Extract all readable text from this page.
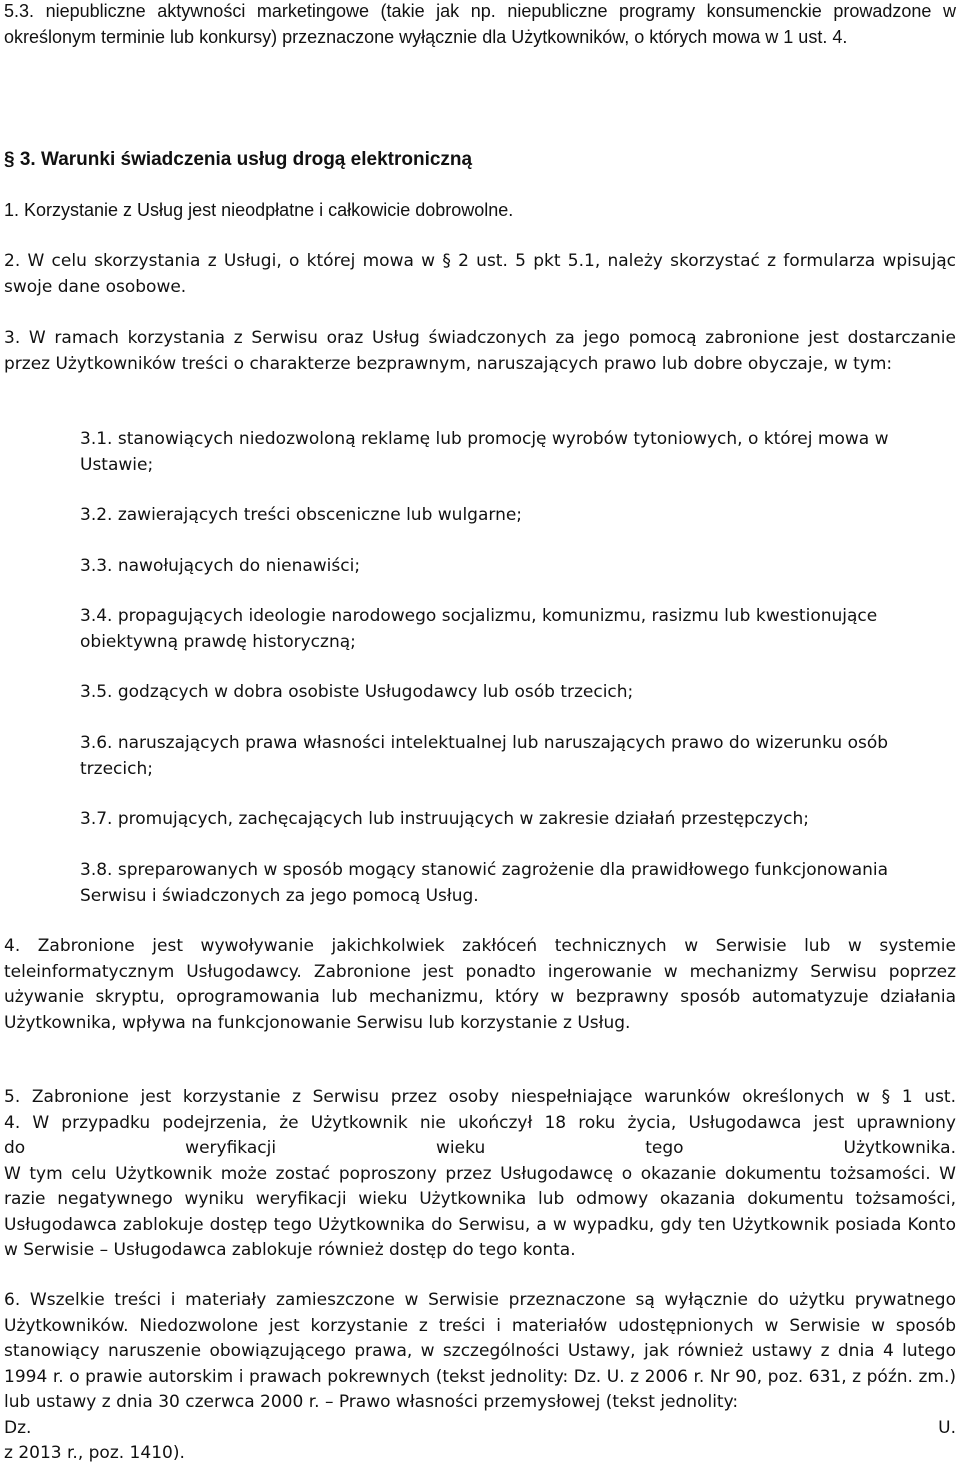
5.3. niepubliczne aktywności marketingowe (takie jak np. niepubliczne programy konsumenckie prowadzone w określonym terminie lub konkursy) przeznaczone wyłącznie dla Użytkowników, o których mowa w 1 ust. 4.

§ 3. Warunki świadczenia usług drogą elektroniczną

1. Korzystanie z Usług jest nieodpłatne i całkowicie dobrowolne.

2. W celu skorzystania z Usługi, o której mowa w § 2 ust. 5 pkt 5.1, należy skorzystać z formularza wpisując swoje dane osobowe.

3. W ramach korzystania z Serwisu oraz Usług świadczonych za jego pomocą zabronione jest dostarczanie przez Użytkowników treści o charakterze bezprawnym, naruszających prawo lub dobre obyczaje, w tym:

3.1. stanowiących niedozwoloną reklamę lub promocję wyrobów tytoniowych, o której mowa w Ustawie;

3.2. zawierających treści obsceniczne lub wulgarne;

3.3. nawołujących do nienawiści;

3.4. propagujących ideologie narodowego socjalizmu, komunizmu, rasizmu lub kwestionujące obiektywną prawdę historyczną;

3.5. godzących w dobra osobiste Usługodawcy lub osób trzecich;

3.6. naruszających prawa własności intelektualnej lub naruszających prawo do wizerunku osób trzecich;

3.7. promujących, zachęcających lub instruujących w zakresie działań przestępczych;

3.8. spreparowanych w sposób mogący stanowić zagrożenie dla prawidłowego funkcjonowania Serwisu i świadczonych za jego pomocą Usług.

4. Zabronione jest wywoływanie jakichkolwiek zakłóceń technicznych w Serwisie lub w systemie teleinformatycznym Usługodawcy. Zabronione jest ponadto ingerowanie w mechanizmy Serwisu poprzez używanie skryptu, oprogramowania lub mechanizmu, który w bezprawny sposób automatyzuje działania Użytkownika, wpływa na funkcjonowanie Serwisu lub korzystanie z Usług.

5. Zabronione jest korzystanie z Serwisu przez osoby niespełniające warunków określonych w § 1 ust.
4. W przypadku podejrzenia, że Użytkownik nie ukończył 18 roku życia, Usługodawca jest uprawniony
do weryfikacji wieku tego Użytkownika.
W tym celu Użytkownik może zostać poproszony przez Usługodawcę o okazanie dokumentu tożsamości. W razie negatywnego wyniku weryfikacji wieku Użytkownika lub odmowy okazania dokumentu tożsamości, Usługodawca zablokuje dostęp tego Użytkownika do Serwisu, a w wypadku, gdy ten Użytkownik posiada Konto w Serwisie – Usługodawca zablokuje również dostęp do tego konta.
6. Wszelkie treści i materiały zamieszczone w Serwisie przeznaczone są wyłącznie do użytku prywatnego Użytkowników. Niedozwolone jest korzystanie z treści i materiałów udostępnionych w Serwisie w sposób stanowiący naruszenie obowiązującego prawa, w szczególności Ustawy, jak również ustawy z dnia 4 lutego 1994 r. o prawie autorskim i prawach pokrewnych (tekst jednolity: Dz. U. z 2006 r. Nr 90, poz. 631, z późn. zm.) lub ustawy z dnia 30 czerwca 2000 r. – Prawo własności przemysłowej (tekst jednolity:
Dz. U.
z 2013 r., poz. 1410).
